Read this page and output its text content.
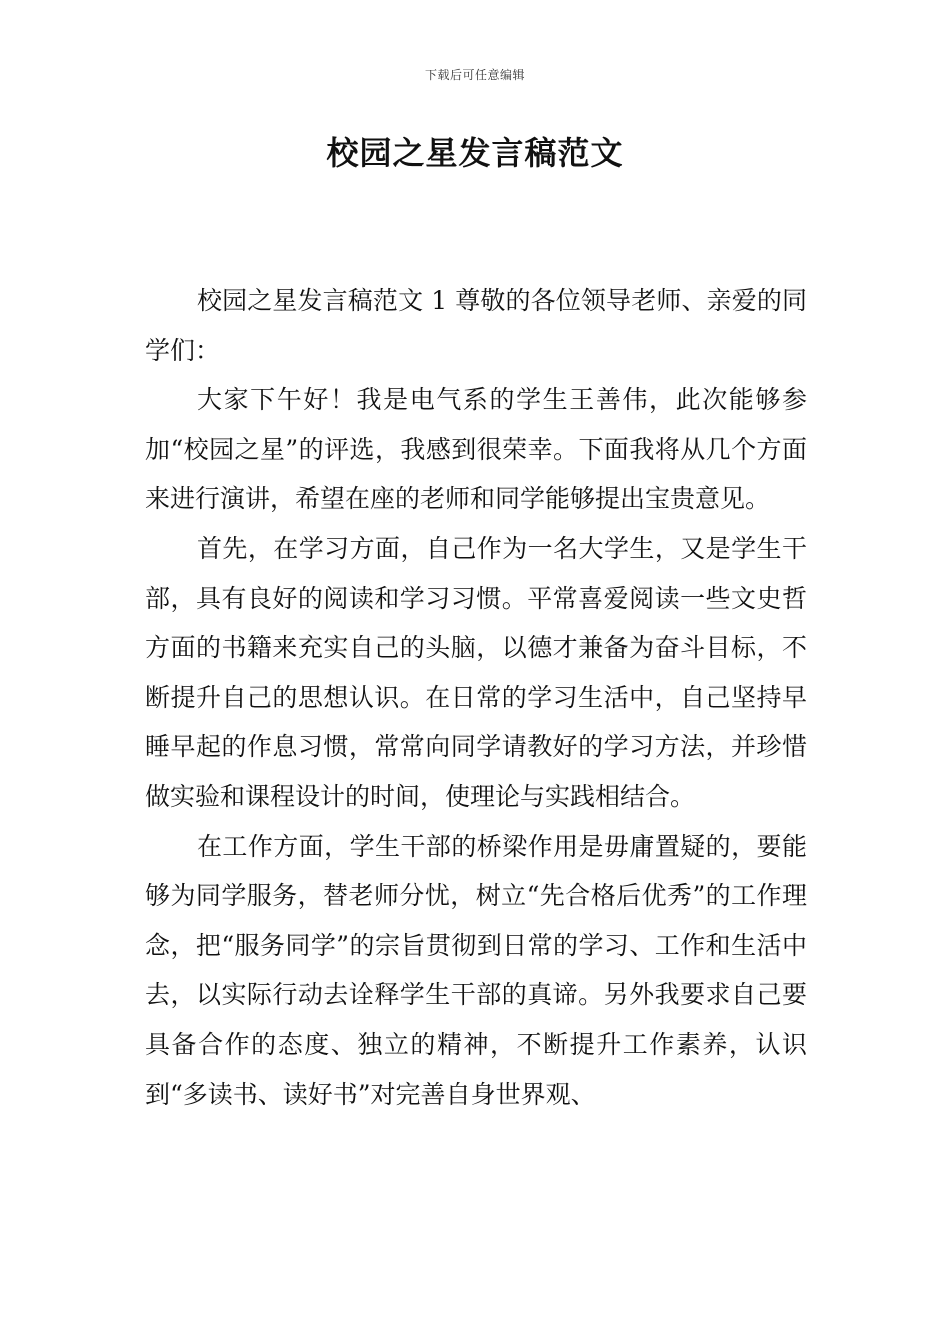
下载后可任意编辑
校园之星发言稿范文

校园之星发言稿范文 1 尊敬的各位领导老师、亲爱的同学们：

大家下午好！我是电气系的学生王善伟，此次能够参加“校园之星”的评选，我感到很荣幸。下面我将从几个方面来进行演讲，希望在座的老师和同学能够提出宝贵意见。

首先，在学习方面，自己作为一名大学生，又是学生干部，具有良好的阅读和学习习惯。平常喜爱阅读一些文史哲方面的书籍来充实自己的头脑，以德才兼备为奋斗目标，不断提升自己的思想认识。在日常的学习生活中，自己坚持早睡早起的作息习惯，常常向同学请教好的学习方法，并珍惜做实验和课程设计的时间，使理论与实践相结合。

在工作方面，学生干部的桥梁作用是毋庸置疑的，要能够为同学服务，替老师分忧，树立“先合格后优秀”的工作理念，把“服务同学”的宗旨贯彻到日常的学习、工作和生活中去，以实际行动去诠释学生干部的真谛。另外我要求自己要具备合作的态度、独立的精神，不断提升工作素养，认识到“多读书、读好书”对完善自身世界观、
